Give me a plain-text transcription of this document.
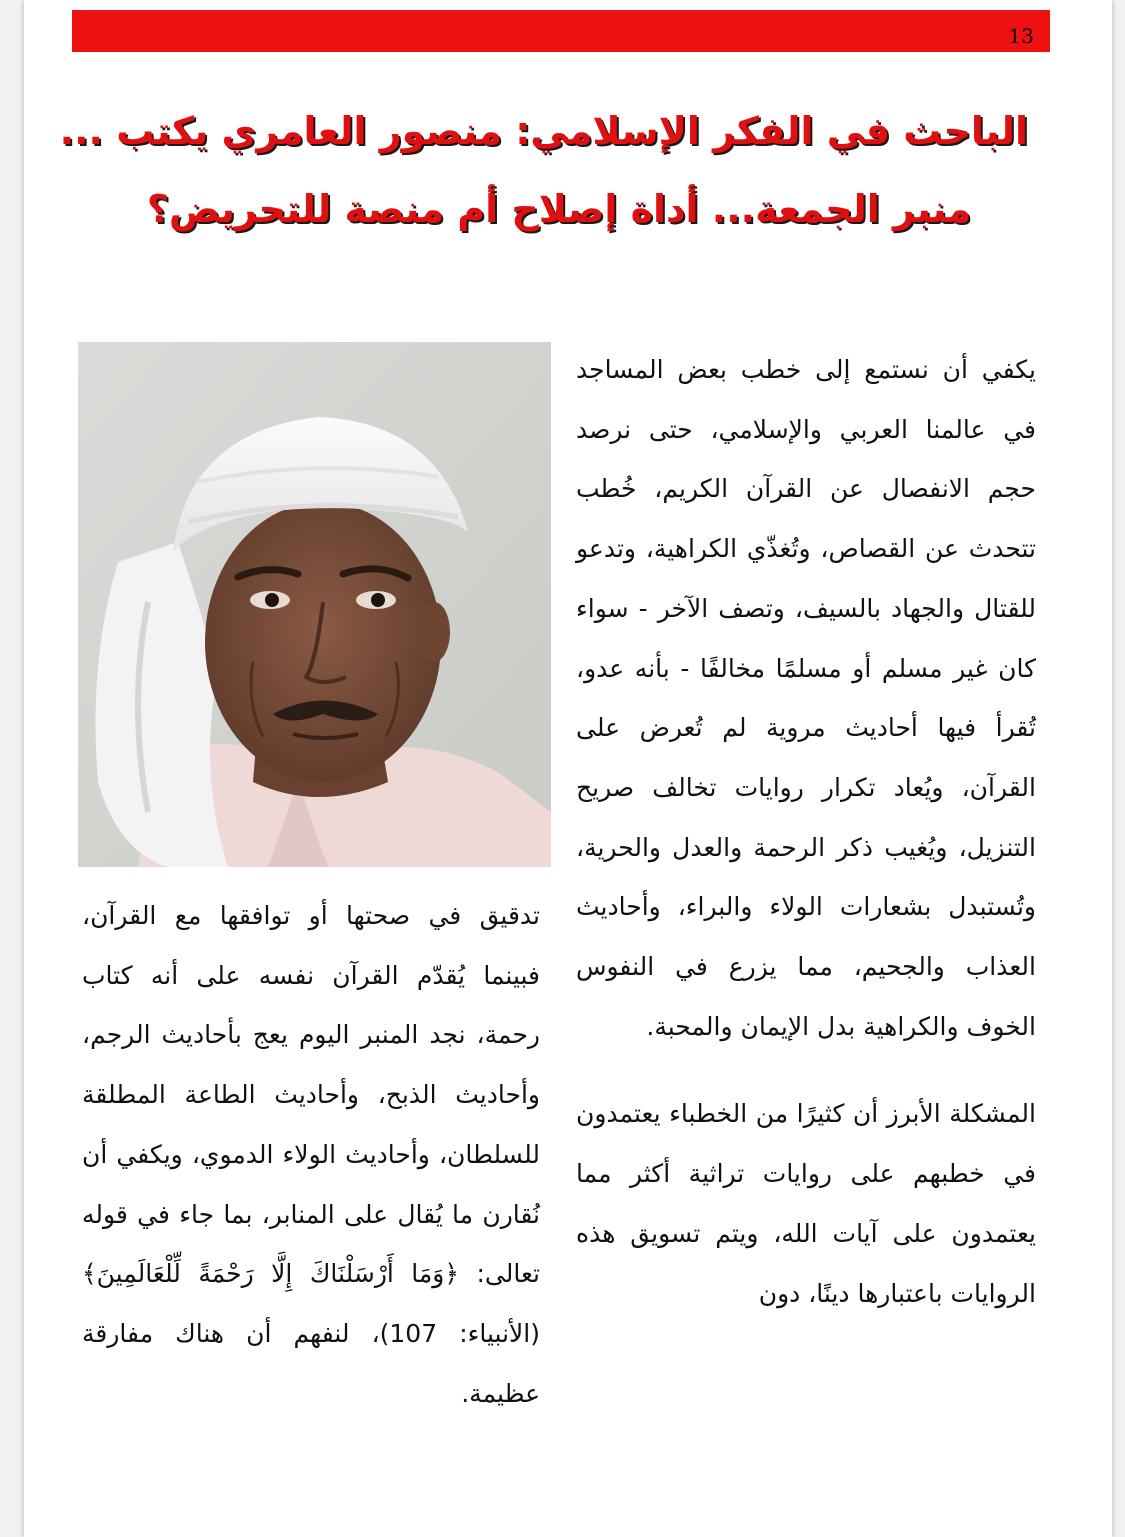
13
الباحث في الفكر الإسلامي: منصور العامري يكتب ...
منبر الجمعة... أداة إصلاح أم منصة للتحريض؟
يكفي أن نستمع إلى خطب بعض المساجد في عالمنا العربي والإسلامي، حتى نرصد حجم الانفصال عن القرآن الكريم، خُطب تتحدث عن القصاص، وتُغذّي الكراهية، وتدعو للقتال والجهاد بالسيف، وتصف الآخر - سواء كان غير مسلم أو مسلمًا مخالفًا - بأنه عدو، تُقرأ فيها أحاديث مروية لم تُعرض على القرآن، ويُعاد تكرار روايات تخالف صريح التنزيل، ويُغيب ذكر الرحمة والعدل والحرية، وتُستبدل بشعارات الولاء والبراء، وأحاديث العذاب والجحيم، مما يزرع في النفوس الخوف والكراهية بدل الإيمان والمحبة.
المشكلة الأبرز أن كثيرًا من الخطباء يعتمدون في خطبهم على روايات تراثية أكثر مما يعتمدون على آيات الله، ويتم تسويق هذه الروايات باعتبارها دينًا، دون
تدقيق في صحتها أو توافقها مع القرآن، فبينما يُقدّم القرآن نفسه على أنه كتاب رحمة، نجد المنبر اليوم يعج بأحاديث الرجم، وأحاديث الذبح، وأحاديث الطاعة المطلقة للسلطان، وأحاديث الولاء الدموي، ويكفي أن نُقارن ما يُقال على المنابر، بما جاء في قوله تعالى: ﴿وَمَا أَرْسَلْنَاكَ إِلَّا رَحْمَةً لِّلْعَالَمِينَ﴾ (الأنبياء: 107)، لنفهم أن هناك مفارقة عظيمة.
